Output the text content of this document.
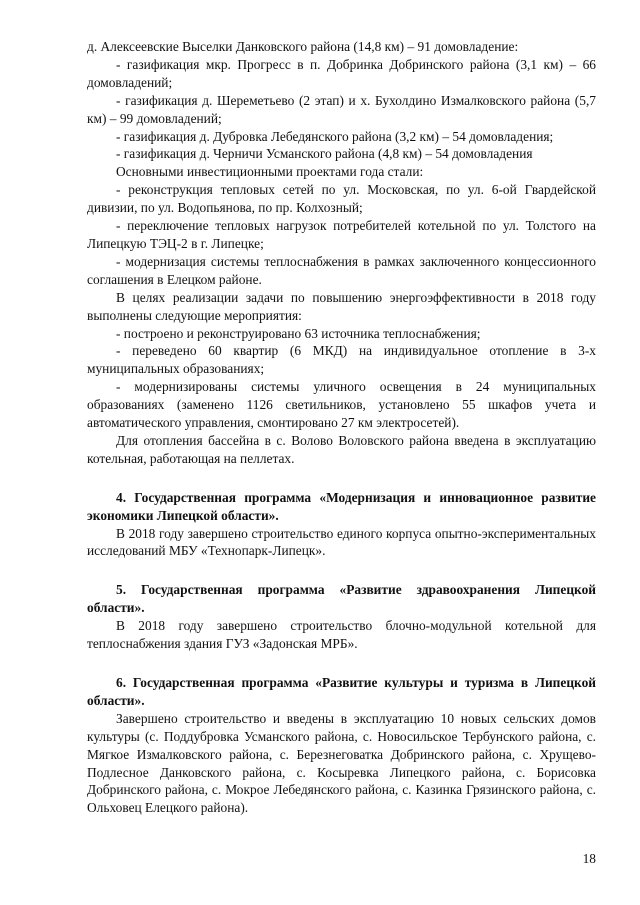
д. Алексеевские Выселки Данковского района (14,8 км) – 91 домовладение:

- газификация мкр. Прогресс в п. Добринка Добринского района (3,1 км) – 66 домовладений;

- газификация д. Шереметьево (2 этап) и х. Бухолдино Измалковского района (5,7 км) – 99 домовладений;

- газификация д. Дубровка Лебедянского района (3,2 км) – 54 домовладения;

- газификация д. Черничи Усманского района (4,8 км) – 54 домовладения

Основными инвестиционными проектами года стали:

- реконструкция тепловых сетей по ул. Московская, по ул. 6-ой Гвардейской дивизии, по ул. Водопьянова, по пр. Колхозный;

- переключение тепловых нагрузок потребителей котельной по ул. Толстого на Липецкую ТЭЦ-2 в г. Липецке;

- модернизация системы теплоснабжения в рамках заключенного концессионного соглашения в Елецком районе.

В целях реализации задачи по повышению энергоэффективности в 2018 году выполнены следующие мероприятия:

- построено и реконструировано 63 источника теплоснабжения;

- переведено 60 квартир (6 МКД) на индивидуальное отопление в 3-х муниципальных образованиях;

- модернизированы системы уличного освещения в 24 муниципальных образованиях (заменено 1126 светильников, установлено 55 шкафов учета и автоматического управления, смонтировано 27 км электросетей).

Для отопления бассейна в с. Волово Воловского района введена в эксплуатацию котельная, работающая на пеллетах.

4. Государственная программа «Модернизация и инновационное развитие экономики Липецкой области».

В 2018 году завершено строительство единого корпуса опытно-экспериментальных исследований МБУ «Технопарк-Липецк».

5. Государственная программа «Развитие здравоохранения Липецкой области».

В 2018 году завершено строительство блочно-модульной котельной для теплоснабжения здания ГУЗ «Задонская МРБ».

6. Государственная программа «Развитие культуры и туризма в Липецкой области».

Завершено строительство и введены в эксплуатацию 10 новых сельских домов культуры (с. Поддубровка Усманского района, с. Новосильское Тербунского района, с. Мягкое Измалковского района, с. Березнеговатка Добринского района, с. Хрущево-Подлесное Данковского района, с. Косыревка Липецкого района, с. Борисовка Добринского района, с. Мокрое Лебедянского района, с. Казинка Грязинского района, с. Ольховец Елецкого района).

18
